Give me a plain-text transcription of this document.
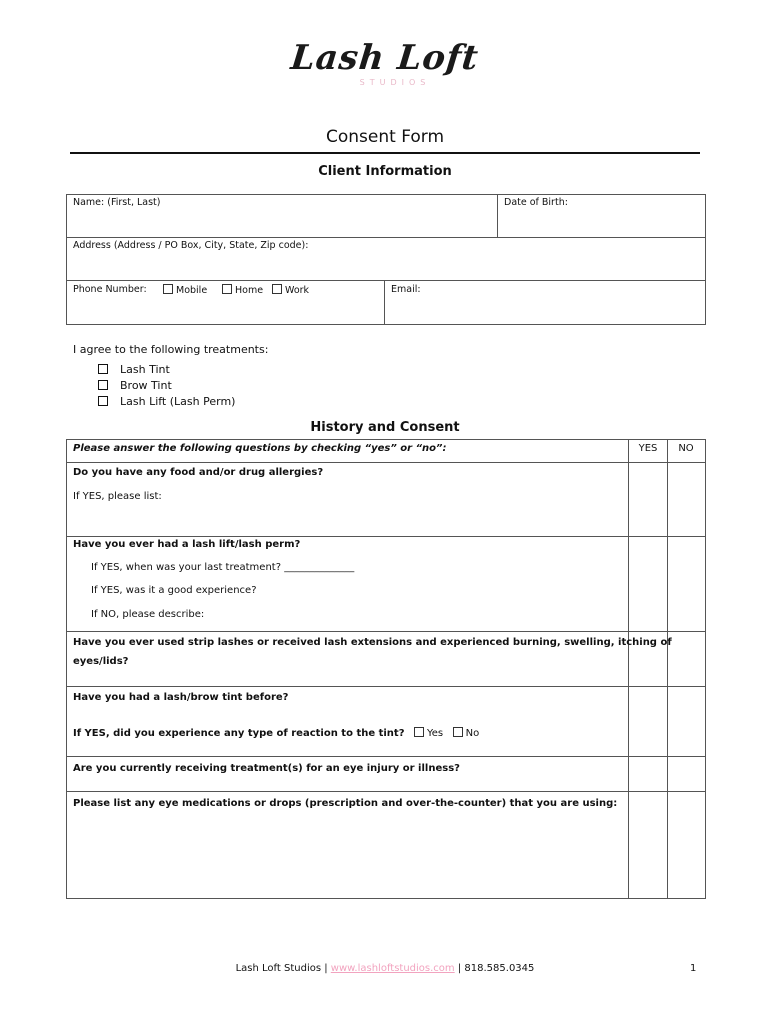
Lash Loft
STUDIOS
Consent Form
Client Information
Name: (First, Last)	Date of Birth:
Address (Address / PO Box, City, State, Zip code):
Phone Number:	Mobile	Home	Work	Email:
I agree to the following treatments:
Lash Tint
Brow Tint
Lash Lift (Lash Perm)
History and Consent
Please answer the following questions by checking “yes” or “no”:	YES	NO
Do you have any food and/or drug allergies?
If YES, please list:
Have you ever had a lash lift/lash perm?
If YES, when was your last treatment? ______________
If YES, was it a good experience?
If NO, please describe:
Have you ever used strip lashes or received lash extensions and experienced burning, swelling, itching of
eyes/lids?
Have you had a lash/brow tint before?
If YES, did you experience any type of reaction to the tint? Yes No
Are you currently receiving treatment(s) for an eye injury or illness?
Please list any eye medications or drops (prescription and over-the-counter) that you are using:
Lash Loft Studios | www.lashloftstudios.com | 818.585.0345	1
